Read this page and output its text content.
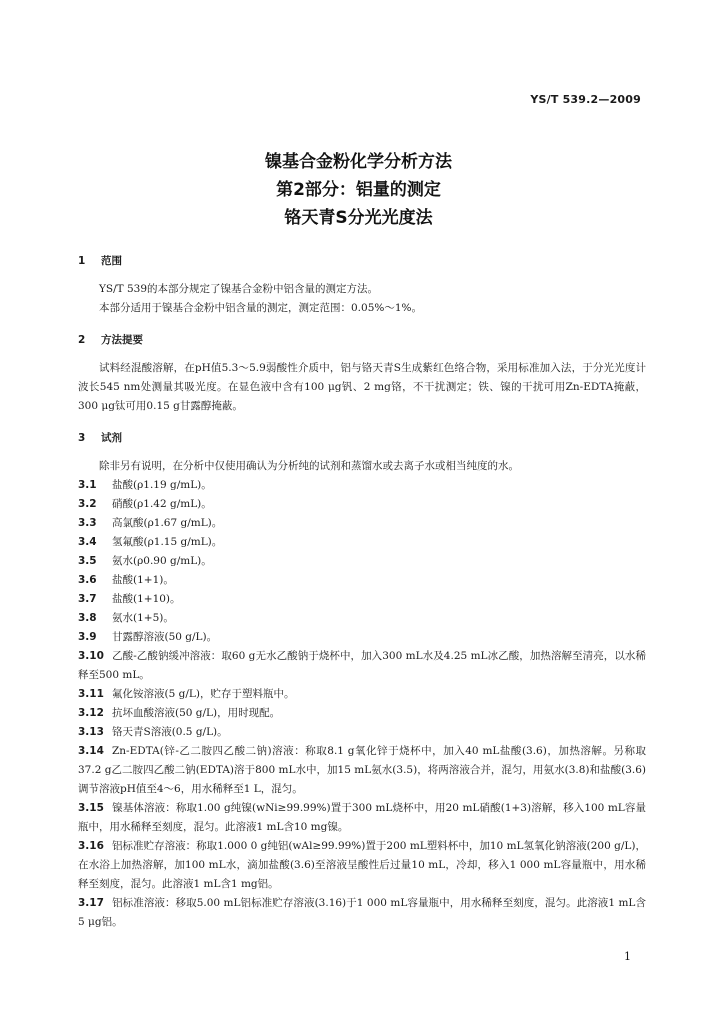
YS/T 539.2—2009
镍基合金粉化学分析方法
第2部分：铝量的测定
铬天青S分光光度法
1 范围
YS/T 539的本部分规定了镍基合金粉中铝含量的测定方法。
本部分适用于镍基合金粉中铝含量的测定，测定范围：0.05%～1%。
2 方法提要
试料经混酸溶解，在pH值5.3～5.9弱酸性介质中，铝与铬天青S生成紫红色络合物，采用标准加入法，于分光光度计波长545 nm处测量其吸光度。在显色液中含有100 μg钒、2 mg铬，不干扰测定；铁、镍的干扰可用Zn-EDTA掩蔽，300 μg钛可用0.15 g甘露醇掩蔽。
3 试剂
除非另有说明，在分析中仅使用确认为分析纯的试剂和蒸馏水或去离子水或相当纯度的水。
3.1 盐酸(ρ1.19 g/mL)。
3.2 硝酸(ρ1.42 g/mL)。
3.3 高氯酸(ρ1.67 g/mL)。
3.4 氢氟酸(ρ1.15 g/mL)。
3.5 氨水(ρ0.90 g/mL)。
3.6 盐酸(1+1)。
3.7 盐酸(1+10)。
3.8 氨水(1+5)。
3.9 甘露醇溶液(50 g/L)。
3.10 乙酸-乙酸钠缓冲溶液：取60 g无水乙酸钠于烧杯中，加入300 mL水及4.25 mL冰乙酸，加热溶解至清亮，以水稀释至500 mL。
3.11 氟化铵溶液(5 g/L)，贮存于塑料瓶中。
3.12 抗坏血酸溶液(50 g/L)，用时现配。
3.13 铬天青S溶液(0.5 g/L)。
3.14 Zn-EDTA(锌-乙二胺四乙酸二钠)溶液：称取8.1 g氧化锌于烧杯中，加入40 mL盐酸(3.6)，加热溶解。另称取37.2 g乙二胺四乙酸二钠(EDTA)溶于800 mL水中，加15 mL氨水(3.5)，将两溶液合并，混匀，用氨水(3.8)和盐酸(3.6)调节溶液pH值至4～6，用水稀释至1 L，混匀。
3.15 镍基体溶液：称取1.00 g纯镍(wNi≥99.99%)置于300 mL烧杯中，用20 mL硝酸(1+3)溶解，移入100 mL容量瓶中，用水稀释至刻度，混匀。此溶液1 mL含10 mg镍。
3.16 铝标准贮存溶液：称取1.000 0 g纯铝(wAl≥99.99%)置于200 mL塑料杯中，加10 mL氢氧化钠溶液(200 g/L)，在水浴上加热溶解，加100 mL水，滴加盐酸(3.6)至溶液呈酸性后过量10 mL，冷却，移入1 000 mL容量瓶中，用水稀释至刻度，混匀。此溶液1 mL含1 mg铝。
3.17 铝标准溶液：移取5.00 mL铝标准贮存溶液(3.16)于1 000 mL容量瓶中，用水稀释至刻度，混匀。此溶液1 mL含5 μg铝。
1
